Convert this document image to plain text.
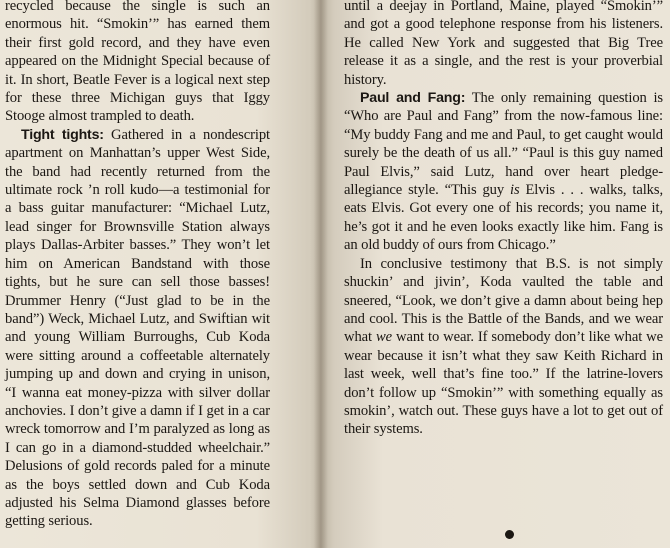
recycled because the single is such an enormous hit. “Smokin’” has earned them their first gold record, and they have even appeared on the Midnight Special because of it. In short, Beatle Fever is a logical next step for these three Michigan guys that Iggy Stooge almost trampled to death.

Tight tights: Gathered in a nondescript apartment on Manhattan’s upper West Side, the band had recently returned from the ultimate rock ’n roll kudo—a testimonial for a bass guitar manufacturer: “Michael Lutz, lead singer for Brownsville Station always plays Dallas-Arbiter basses.” They won’t let him on American Bandstand with those tights, but he sure can sell those basses! Drummer Henry (“Just glad to be in the band”) Weck, Michael Lutz, and Swiftian wit and young William Burroughs, Cub Koda were sitting around a coffeetable alternately jumping up and down and crying in unison, “I wanna eat money-pizza with silver dollar anchovies. I don’t give a damn if I get in a car wreck tomorrow and I’m paralyzed as long as I can go in a diamond-studded wheelchair.” Delusions of gold records paled for a minute as the boys settled down and Cub Koda adjusted his Selma Diamond glasses before getting serious.

until a deejay in Portland, Maine, played “Smokin’” and got a good telephone response from his listeners. He called New York and suggested that Big Tree release it as a single, and the rest is your proverbial history.

Paul and Fang: The only remaining question is “Who are Paul and Fang” from the now-famous line: “My buddy Fang and me and Paul, to get caught would surely be the death of us all.” “Paul is this guy named Paul Elvis,” said Lutz, hand over heart pledge-allegiance style. “This guy is Elvis . . . walks, talks, eats Elvis. Got every one of his records; you name it, he’s got it and he even looks exactly like him. Fang is an old buddy of ours from Chicago.”

In conclusive testimony that B.S. is not simply shuckin’ and jivin’, Koda vaulted the table and sneered, “Look, we don’t give a damn about being hep and cool. This is the Battle of the Bands, and we wear what we want to wear. If somebody don’t like what we wear because it isn’t what they saw Keith Richard in last week, well that’s fine too.” If the latrine-lovers don’t follow up “Smokin’” with something equally as smokin’, watch out. These guys have a lot to get out of their systems.
